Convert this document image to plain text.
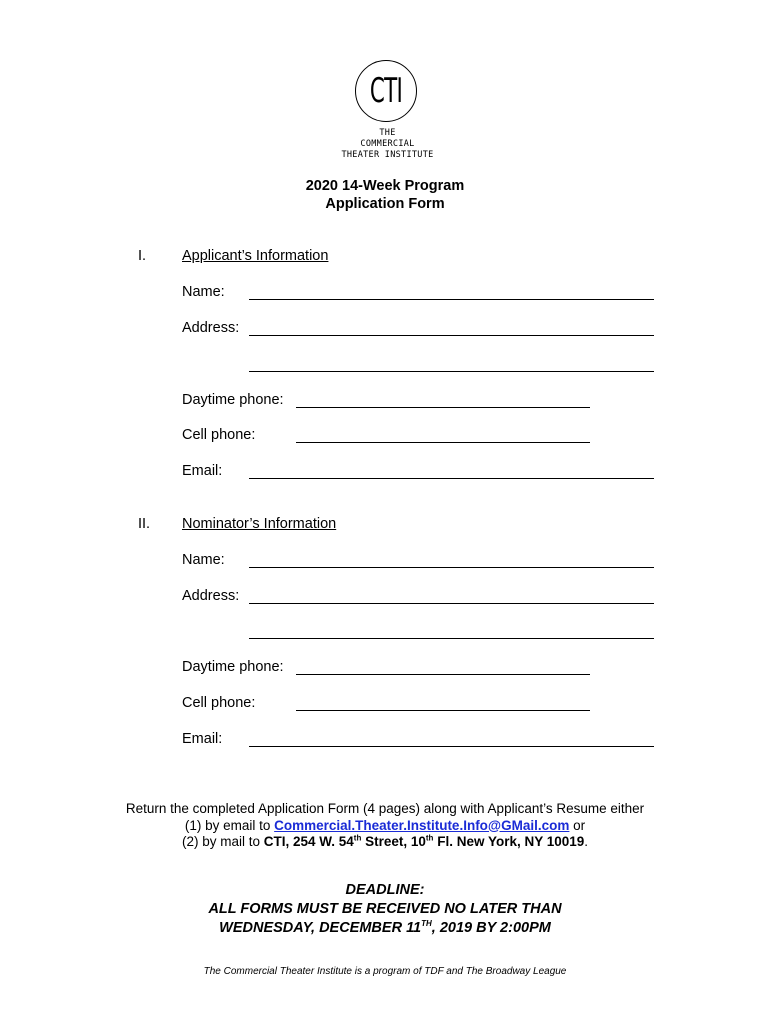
CTI
THE
COMMERCIAL
THEATER INSTITUTE
2020 14-Week Program
Application Form
I. Applicant’s Information
Name:
Address:
Daytime phone:
Cell phone:
Email:
II. Nominator’s Information
Name:
Address:
Daytime phone:
Cell phone:
Email:
Return the completed Application Form (4 pages) along with Applicant’s Resume either
(1) by email to Commercial.Theater.Institute.Info@GMail.com or
(2) by mail to CTI, 254 W. 54th Street, 10th Fl. New York, NY 10019.
DEADLINE:
ALL FORMS MUST BE RECEIVED NO LATER THAN
WEDNESDAY, DECEMBER 11TH, 2019 BY 2:00PM
The Commercial Theater Institute is a program of TDF and The Broadway League
